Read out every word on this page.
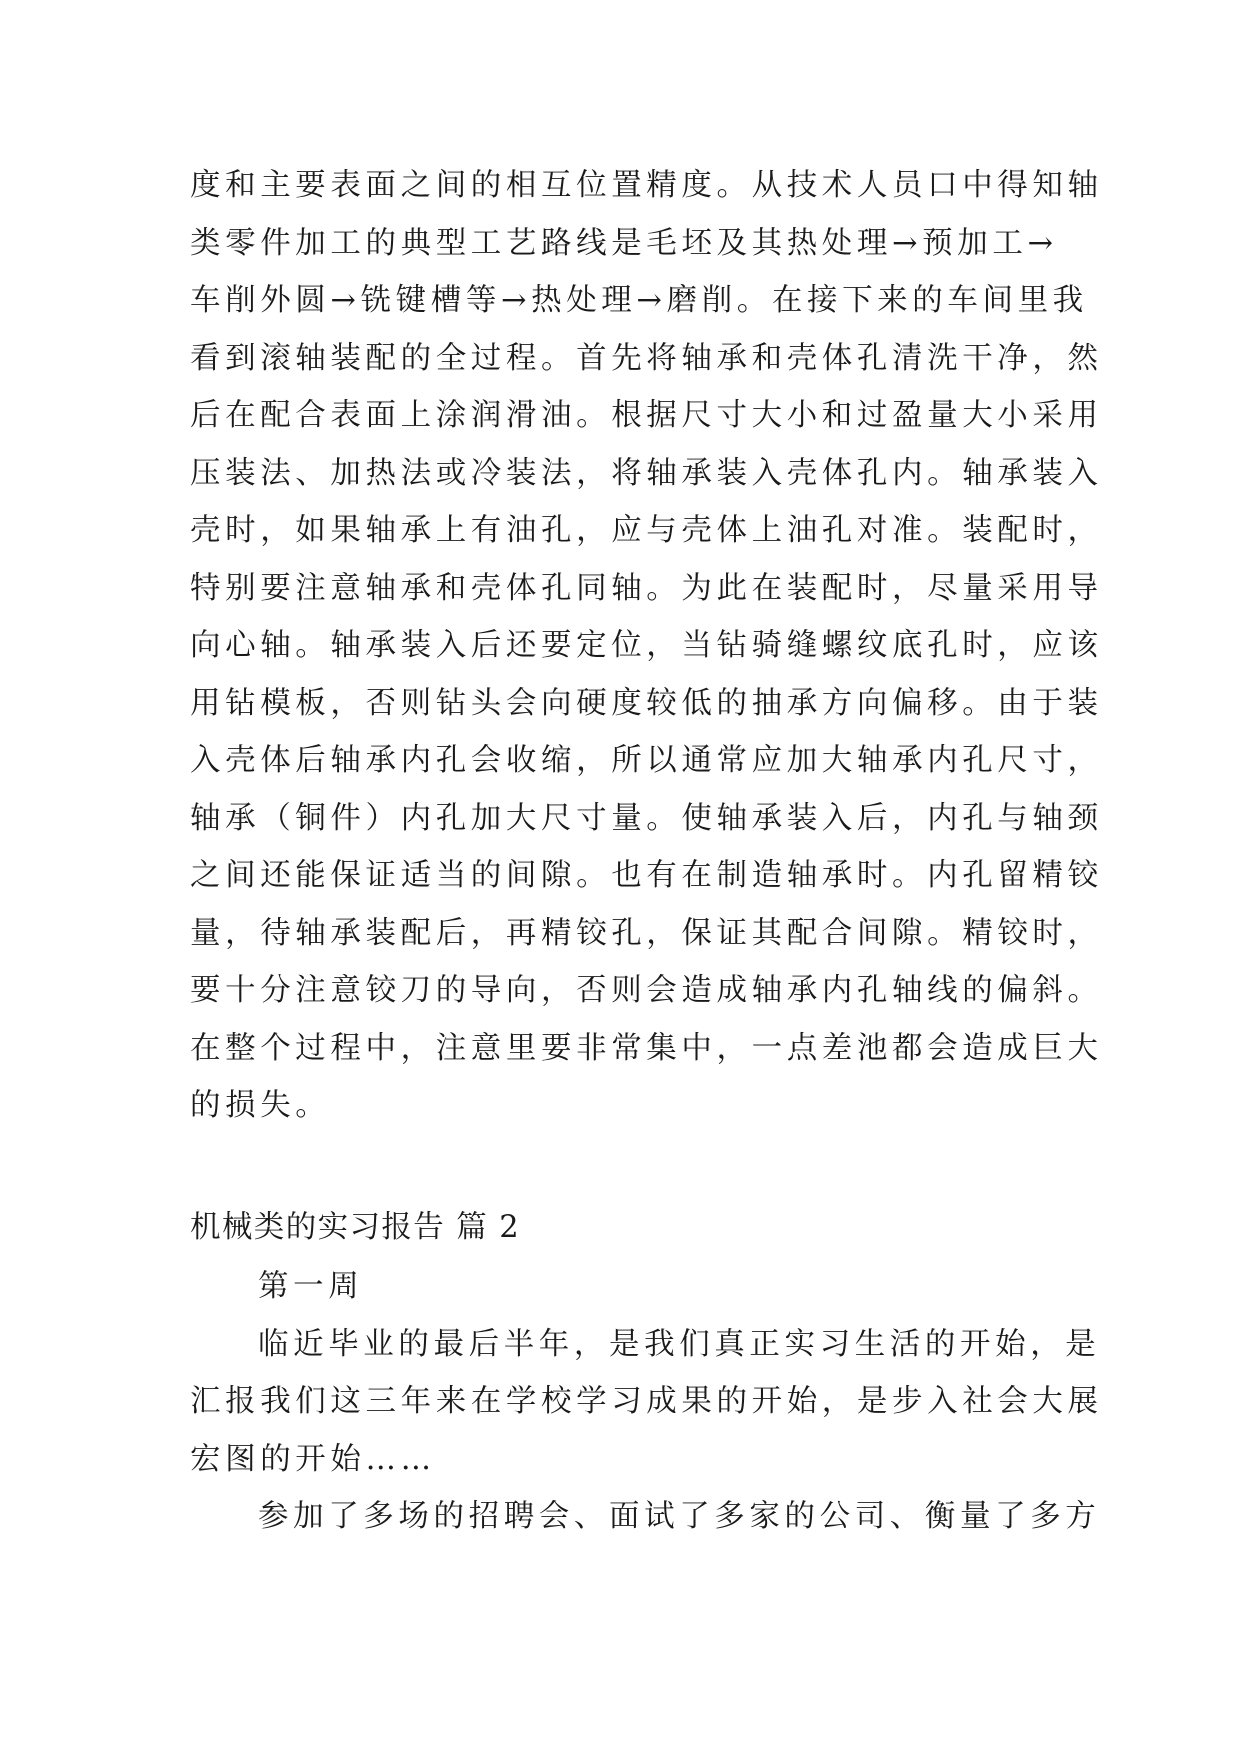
度和主要表面之间的相互位置精度。从技术人员口中得知轴
类零件加工的典型工艺路线是毛坯及其热处理→预加工→
车削外圆→铣键槽等→热处理→磨削。在接下来的车间里我
看到滚轴装配的全过程。首先将轴承和壳体孔清洗干净，然
后在配合表面上涂润滑油。根据尺寸大小和过盈量大小采用
压装法、加热法或冷装法，将轴承装入壳体孔内。轴承装入
壳时，如果轴承上有油孔，应与壳体上油孔对准。装配时，
特别要注意轴承和壳体孔同轴。为此在装配时，尽量采用导
向心轴。轴承装入后还要定位，当钻骑缝螺纹底孔时，应该
用钻模板，否则钻头会向硬度较低的抽承方向偏移。由于装
入壳体后轴承内孔会收缩，所以通常应加大轴承内孔尺寸，
轴承（铜件）内孔加大尺寸量。使轴承装入后，内孔与轴颈
之间还能保证适当的间隙。也有在制造轴承时。内孔留精铰
量，待轴承装配后，再精铰孔，保证其配合间隙。精铰时，
要十分注意铰刀的导向，否则会造成轴承内孔轴线的偏斜。
在整个过程中，注意里要非常集中，一点差池都会造成巨大
的损失。
机械类的实习报告 篇 2
第一周
临近毕业的最后半年，是我们真正实习生活的开始，是
汇报我们这三年来在学校学习成果的开始，是步入社会大展
宏图的开始……
参加了多场的招聘会、面试了多家的公司、衡量了多方
